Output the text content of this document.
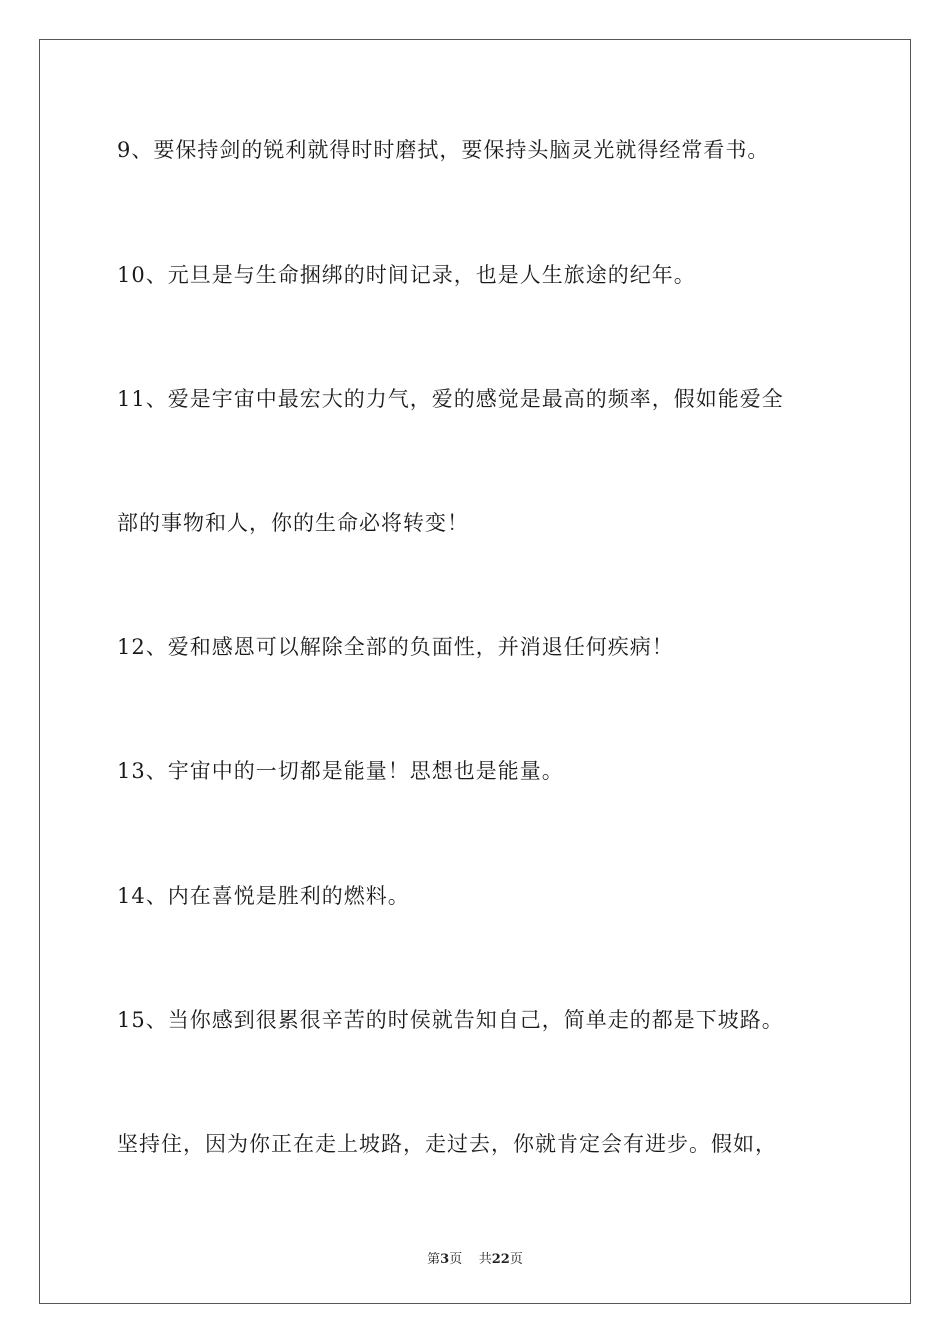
9、要保持剑的锐利就得时时磨拭，要保持头脑灵光就得经常看书。
10、元旦是与生命捆绑的时间记录，也是人生旅途的纪年。
11、爱是宇宙中最宏大的力气，爱的感觉是最高的频率，假如能爱全
部的事物和人，你的生命必将转变！
12、爱和感恩可以解除全部的负面性，并消退任何疾病！
13、宇宙中的一切都是能量！思想也是能量。
14、内在喜悦是胜利的燃料。
15、当你感到很累很辛苦的时侯就告知自己，简单走的都是下坡路。
坚持住，因为你正在走上坡路，走过去，你就肯定会有进步。假如，
第3页 共22页
